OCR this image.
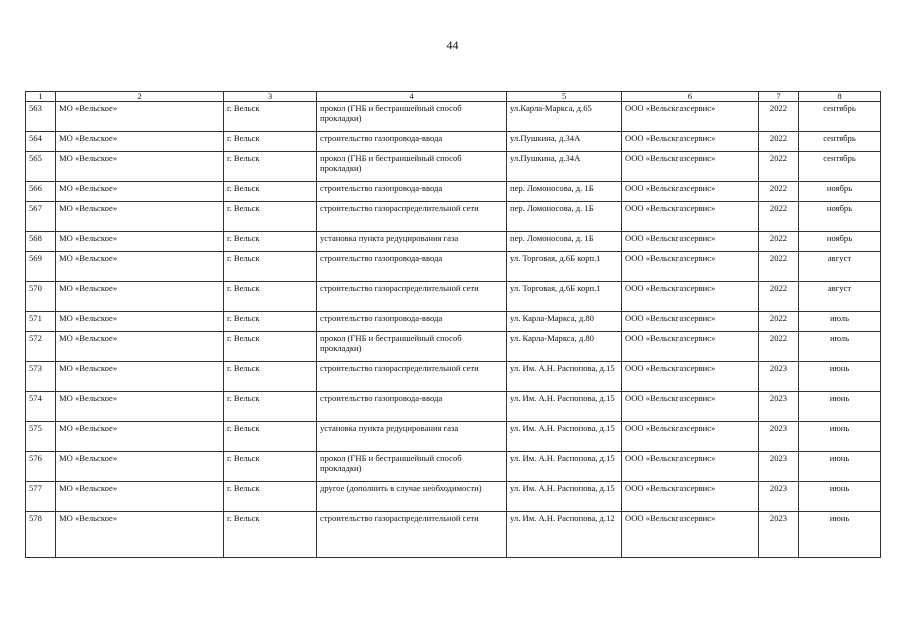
44
1	2	3	4	5	6	7	8
563	МО «Вельское»	г. Вельск	прокол (ГНБ и бестраншейный способ прокладки)	ул.Карла-Маркса, д.65	ООО «Вельскгазсервис»	2022	сентябрь
564	МО «Вельское»	г. Вельск	строительство газопровода-ввода	ул.Пушкина, д.34А	ООО «Вельскгазсервис»	2022	сентябрь
565	МО «Вельское»	г. Вельск	прокол (ГНБ и бестраншейный способ прокладки)	ул.Пушкина, д.34А	ООО «Вельскгазсервис»	2022	сентябрь
566	МО «Вельское»	г. Вельск	строительство газопровода-ввода	пер. Ломоносова, д. 1Б	ООО «Вельскгазсервис»	2022	ноябрь
567	МО «Вельское»	г. Вельск	строительство газораспределительной сети	пер. Ломоносова, д. 1Б	ООО «Вельскгазсервис»	2022	ноябрь
568	МО «Вельское»	г. Вельск	установка пункта редуцирования газа	пер. Ломоносова, д. 1Б	ООО «Вельскгазсервис»	2022	ноябрь
569	МО «Вельское»	г. Вельск	строительство газопровода-ввода	ул. Торговая, д.6Б корп.1	ООО «Вельскгазсервис»	2022	август
570	МО «Вельское»	г. Вельск	строительство газораспределительной сети	ул. Торговая, д.6Б корп.1	ООО «Вельскгазсервис»	2022	август
571	МО «Вельское»	г. Вельск	строительство газопровода-ввода	ул. Карла-Маркса, д.80	ООО «Вельскгазсервис»	2022	июль
572	МО «Вельское»	г. Вельск	прокол (ГНБ и бестраншейный способ прокладки)	ул. Карла-Маркса, д.80	ООО «Вельскгазсервис»	2022	июль
573	МО «Вельское»	г. Вельск	строительство газораспределительной сети	ул. Им. А.Н. Распопова, д.15	ООО «Вельскгазсервис»	2023	июнь
574	МО «Вельское»	г. Вельск	строительство газопровода-ввода	ул. Им. А.Н. Распопова, д.15	ООО «Вельскгазсервис»	2023	июнь
575	МО «Вельское»	г. Вельск	установка пункта редуцирования газа	ул. Им. А.Н. Распопова, д.15	ООО «Вельскгазсервис»	2023	июнь
576	МО «Вельское»	г. Вельск	прокол (ГНБ и бестраншейный способ прокладки)	ул. Им. А.Н. Распопова, д.15	ООО «Вельскгазсервис»	2023	июнь
577	МО «Вельское»	г. Вельск	другое (дополнить в случае необходимости)	ул. Им. А.Н. Распопова, д.15	ООО «Вельскгазсервис»	2023	июнь
578	МО «Вельское»	г. Вельск	строительство газораспределительной сети	ул. Им. А.Н. Распопова, д.12	ООО «Вельскгазсервис»	2023	июнь
